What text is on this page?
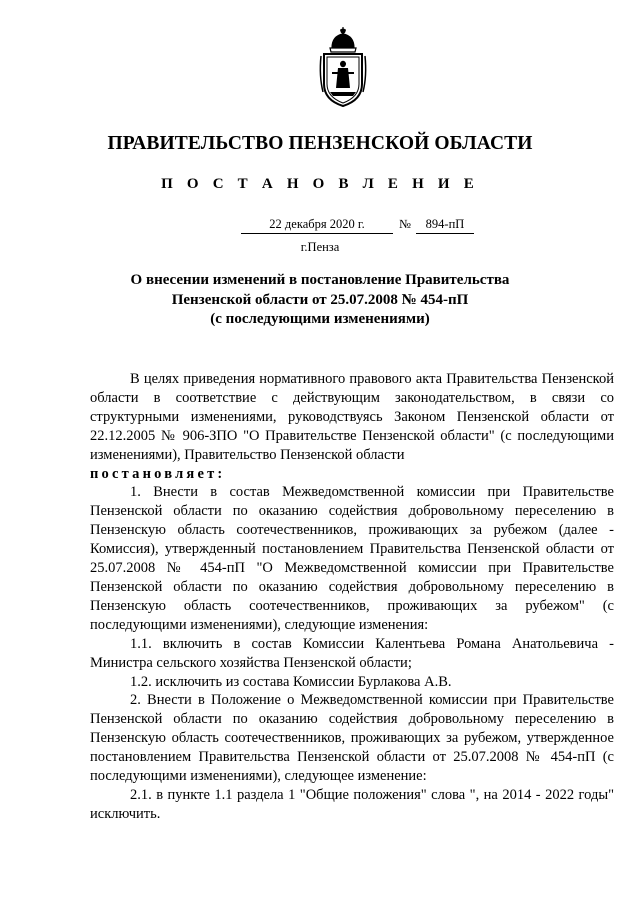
ПРАВИТЕЛЬСТВО ПЕНЗЕНСКОЙ ОБЛАСТИ
П О С Т А Н О В Л Е Н И Е
22 декабря 2020 г.	№	894-пП
г.Пенза
О внесении изменений в постановление Правительства
Пензенской области от 25.07.2008 № 454-пП
(с последующими изменениями)

В целях приведения нормативного правового акта Правительства Пензенской области в соответствие с действующим законодательством, в связи со структурными изменениями, руководствуясь Законом Пензенской области от 22.12.2005 № 906-ЗПО "О Правительстве Пензенской области" (с последующими изменениями), Правительство Пензенской области

постановляет:

1. Внести в состав Межведомственной комиссии при Правительстве Пензенской области по оказанию содействия добровольному переселению в Пензенскую область соотечественников, проживающих за рубежом (далее - Комиссия), утвержденный постановлением Правительства Пензенской области от 25.07.2008 № 454-пП "О Межведомственной комиссии при Правительстве Пензенской области по оказанию содействия добровольному переселению в Пензенскую область соотечественников, проживающих за рубежом" (с последующими изменениями), следующие изменения:

1.1. включить в состав Комиссии Калентьева Романа Анатольевича - Министра сельского хозяйства Пензенской области;

1.2. исключить из состава Комиссии Бурлакова А.В.

2. Внести в Положение о Межведомственной комиссии при Правительстве Пензенской области по оказанию содействия добровольному переселению в Пензенскую область соотечественников, проживающих за рубежом, утвержденное постановлением Правительства Пензенской области от 25.07.2008 № 454-пП (с последующими изменениями), следующее изменение:

2.1. в пункте 1.1 раздела 1 "Общие положения" слова ", на 2014 - 2022 годы" исключить.
